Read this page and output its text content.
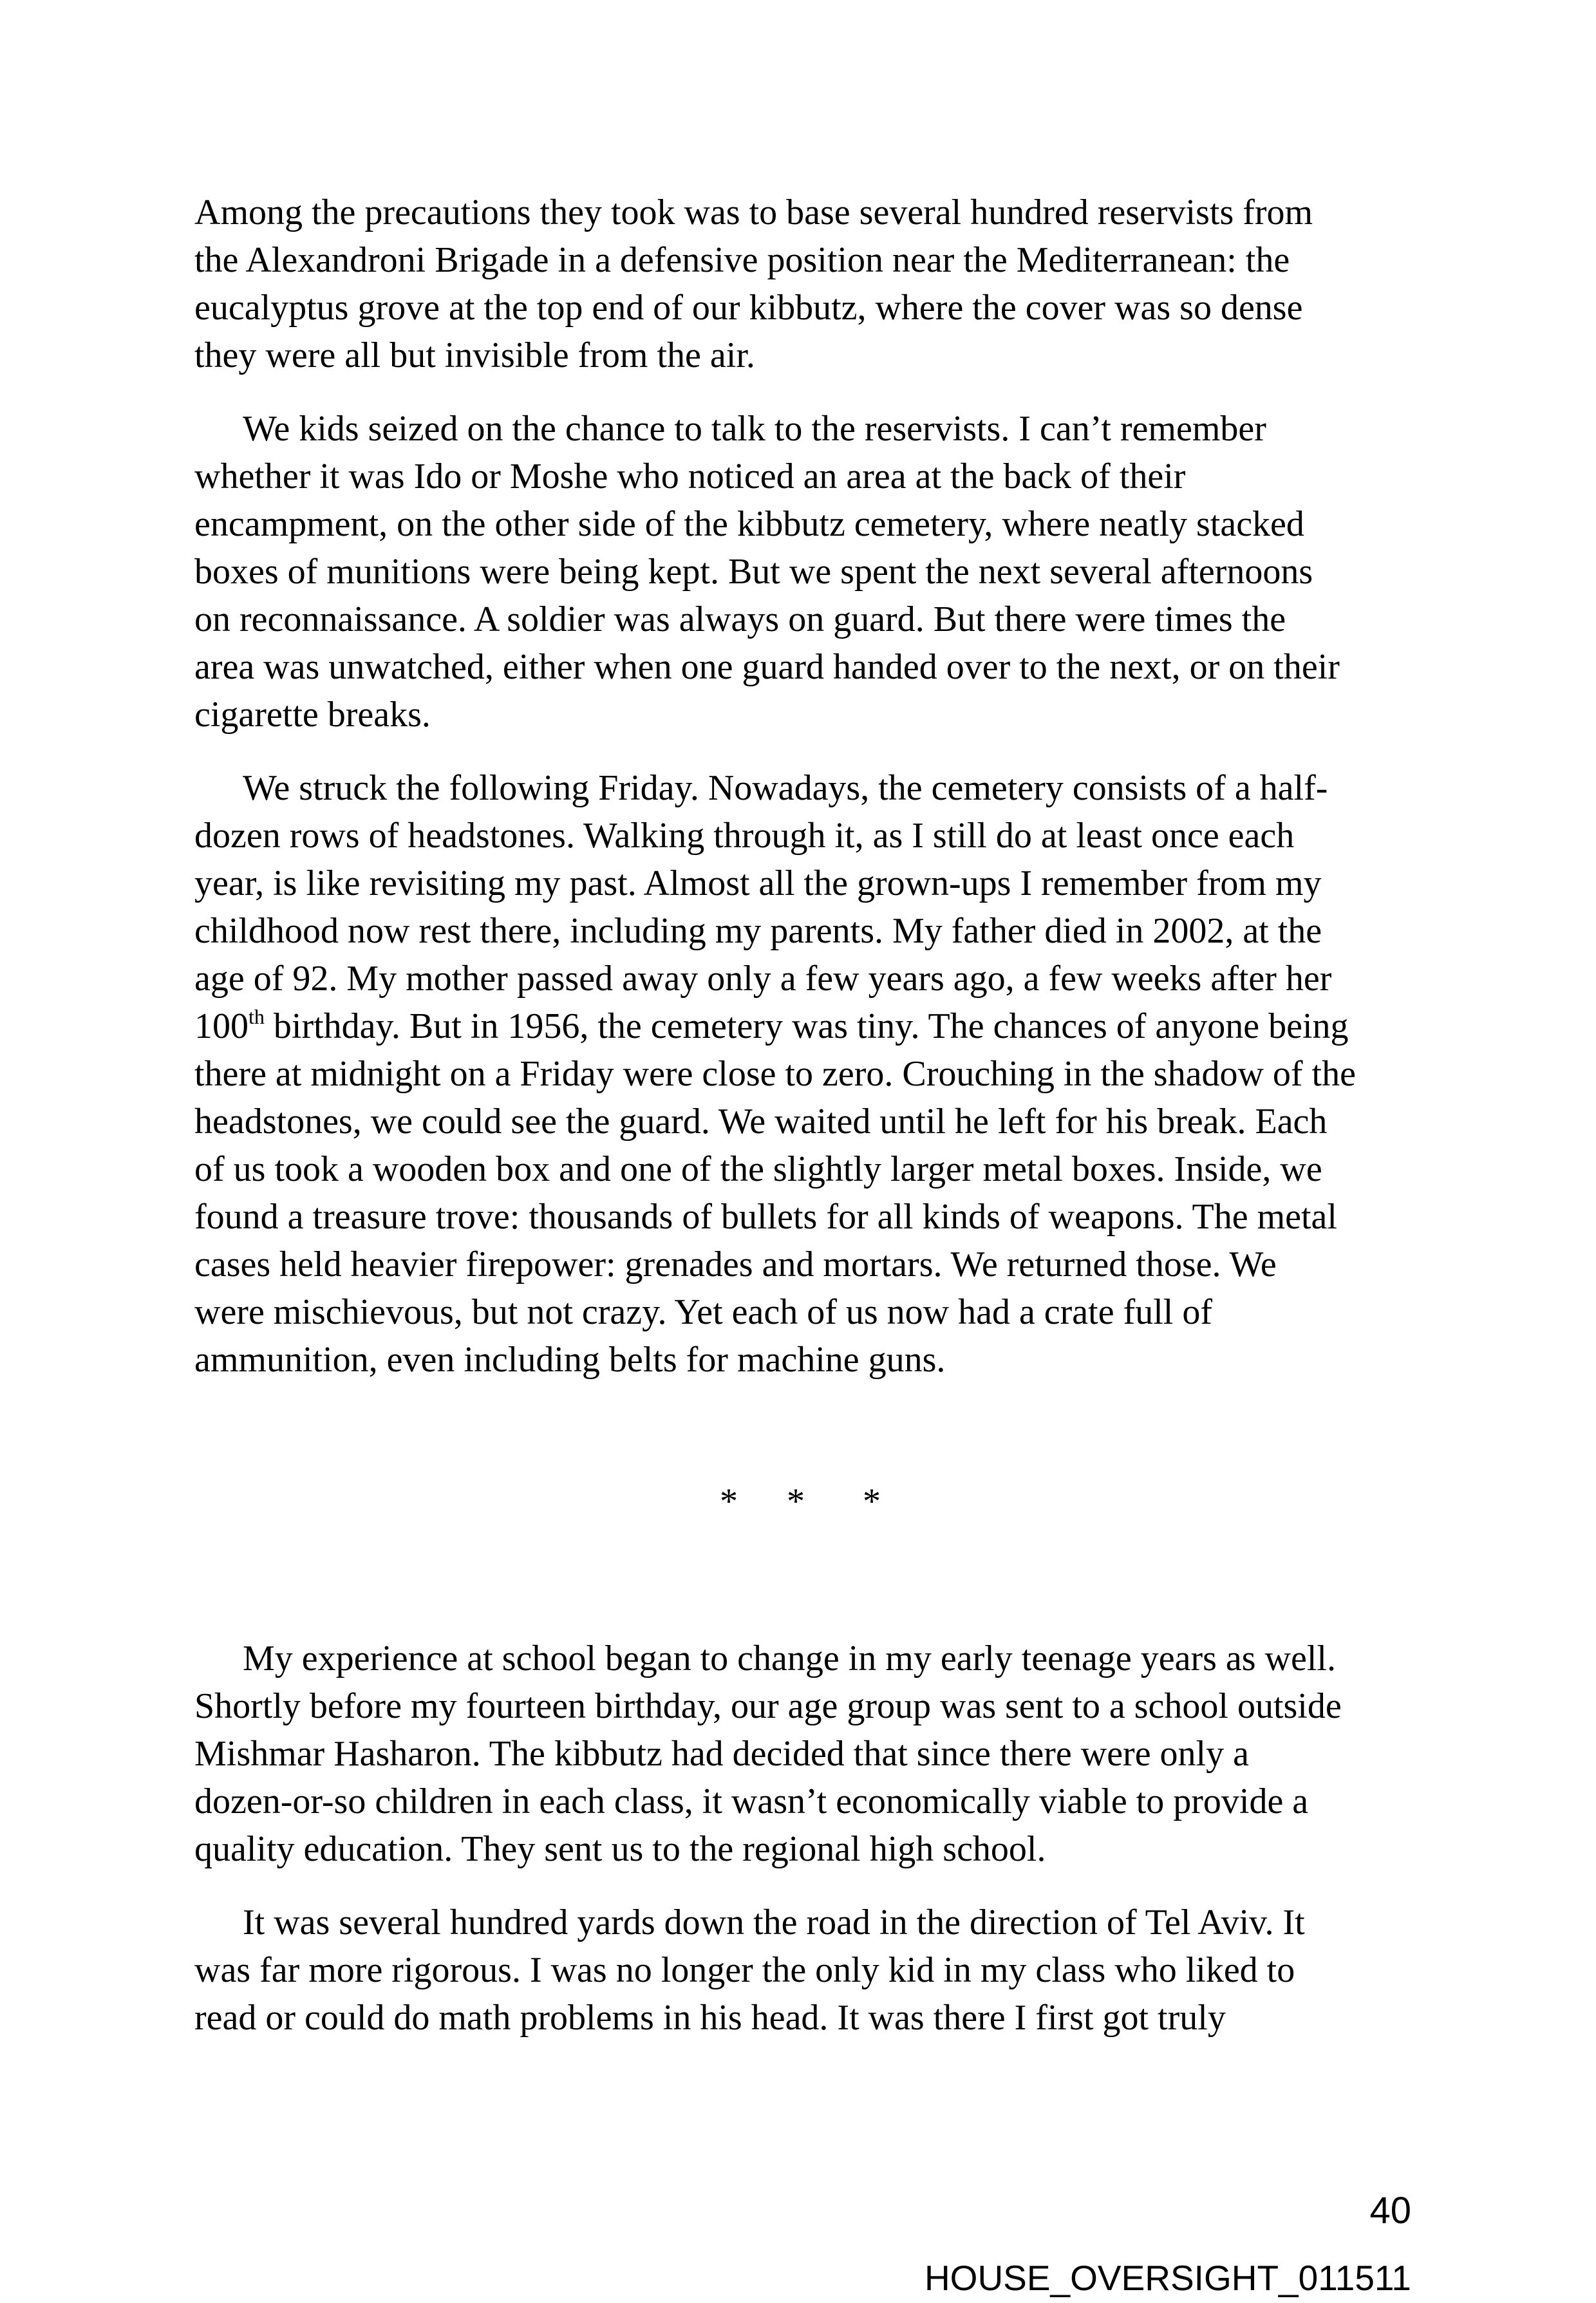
Among the precautions they took was to base several hundred reservists from
the Alexandroni Brigade in a defensive position near the Mediterranean: the
eucalyptus grove at the top end of our kibbutz, where the cover was so dense
they were all but invisible from the air.

We kids seized on the chance to talk to the reservists. I can’t remember
whether it was Ido or Moshe who noticed an area at the back of their
encampment, on the other side of the kibbutz cemetery, where neatly stacked
boxes of munitions were being kept. But we spent the next several afternoons
on reconnaissance. A soldier was always on guard. But there were times the
area was unwatched, either when one guard handed over to the next, or on their
cigarette breaks.

We struck the following Friday. Nowadays, the cemetery consists of a half-
dozen rows of headstones. Walking through it, as I still do at least once each
year, is like revisiting my past. Almost all the grown-ups I remember from my
childhood now rest there, including my parents. My father died in 2002, at the
age of 92. My mother passed away only a few years ago, a few weeks after her
100th birthday. But in 1956, the cemetery was tiny. The chances of anyone being
there at midnight on a Friday were close to zero. Crouching in the shadow of the
headstones, we could see the guard. We waited until he left for his break. Each
of us took a wooden box and one of the slightly larger metal boxes. Inside, we
found a treasure trove: thousands of bullets for all kinds of weapons. The metal
cases held heavier firepower: grenades and mortars. We returned those. We
were mischievous, but not crazy. Yet each of us now had a crate full of
ammunition, even including belts for machine guns.

* * *

My experience at school began to change in my early teenage years as well.
Shortly before my fourteen birthday, our age group was sent to a school outside
Mishmar Hasharon. The kibbutz had decided that since there were only a
dozen-or-so children in each class, it wasn’t economically viable to provide a
quality education. They sent us to the regional high school.

It was several hundred yards down the road in the direction of Tel Aviv. It
was far more rigorous. I was no longer the only kid in my class who liked to
read or could do math problems in his head. It was there I first got truly

40
HOUSE_OVERSIGHT_011511
